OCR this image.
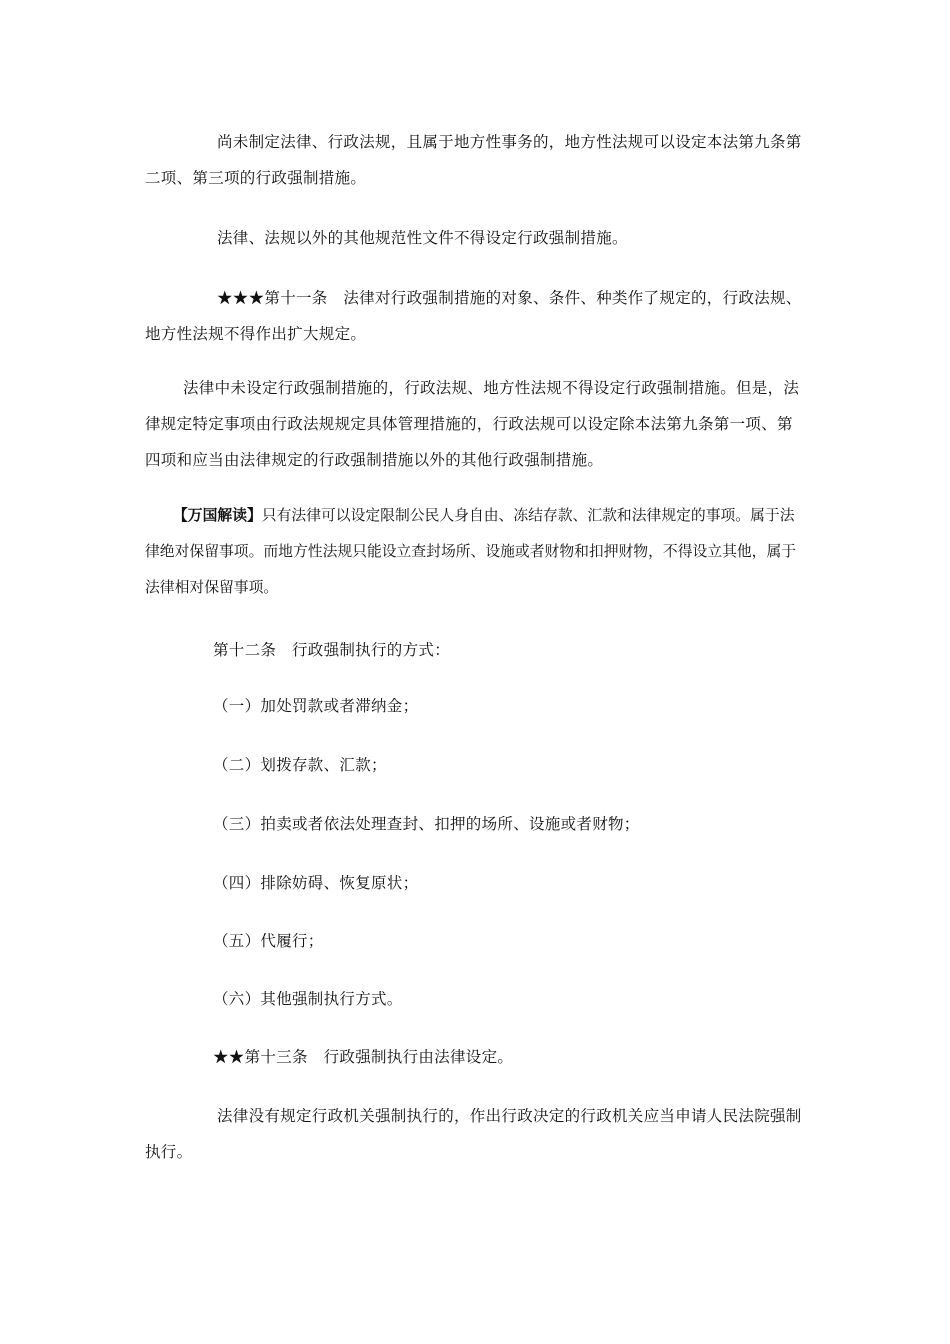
尚未制定法律、行政法规，且属于地方性事务的，地方性法规可以设定本法第九条第二项、第三项的行政强制措施。

法律、法规以外的其他规范性文件不得设定行政强制措施。

★★★第十一条　法律对行政强制措施的对象、条件、种类作了规定的，行政法规、地方性法规不得作出扩大规定。

法律中未设定行政强制措施的，行政法规、地方性法规不得设定行政强制措施。但是，法律规定特定事项由行政法规规定具体管理措施的，行政法规可以设定除本法第九条第一项、第四项和应当由法律规定的行政强制措施以外的其他行政强制措施。

【万国解读】只有法律可以设定限制公民人身自由、冻结存款、汇款和法律规定的事项。属于法律绝对保留事项。而地方性法规只能设立查封场所、设施或者财物和扣押财物，不得设立其他，属于法律相对保留事项。

第十二条　行政强制执行的方式：

（一）加处罚款或者滞纳金；

（二）划拨存款、汇款；

（三）拍卖或者依法处理查封、扣押的场所、设施或者财物；

（四）排除妨碍、恢复原状；

（五）代履行；

（六）其他强制执行方式。

★★第十三条　行政强制执行由法律设定。

法律没有规定行政机关强制执行的，作出行政决定的行政机关应当申请人民法院强制执行。
